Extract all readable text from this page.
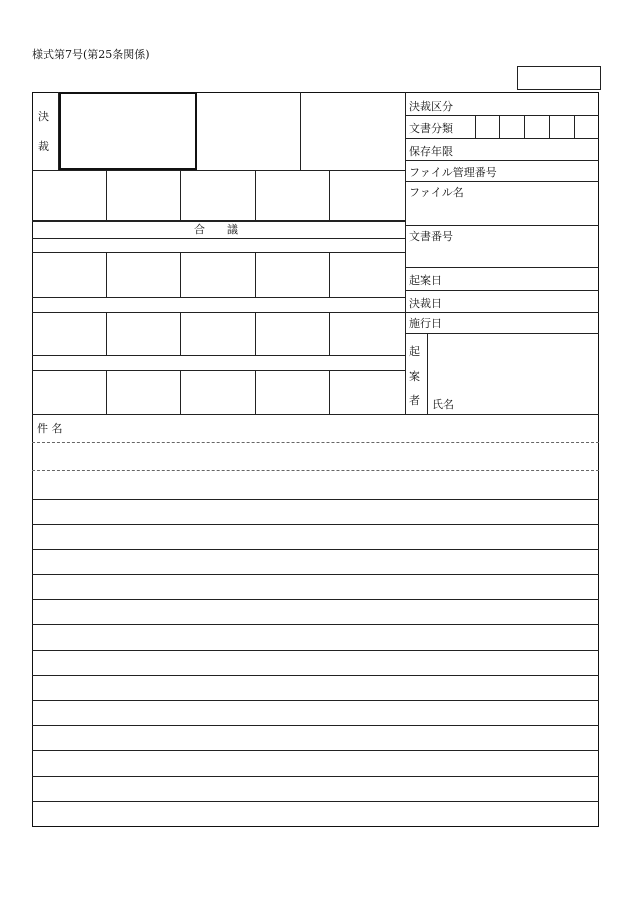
様式第7号(第25条関係)
決
裁
合　　議
決裁区分
文書分類
保存年限
ファイル管理番号
ファイル名
文書番号
起案日
決裁日
施行日
起
案
者 氏名
件 名
